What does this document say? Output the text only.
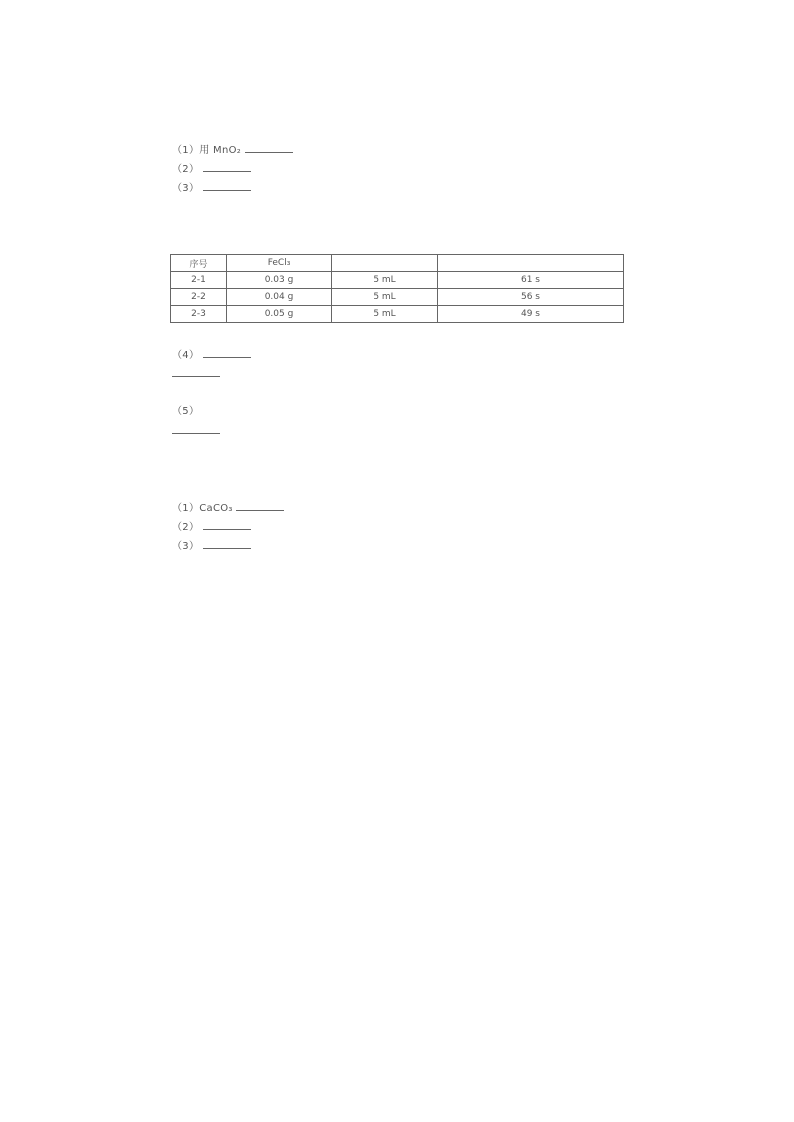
（1）用 MnO₂
（2）
（3）
序号	FeCl₃		
2-1	0.03 g	5 mL	61 s
2-2	0.04 g	5 mL	56 s
2-3	0.05 g	5 mL	49 s
（4）
（5）
（1）CaCO₃
（2）
（3）
